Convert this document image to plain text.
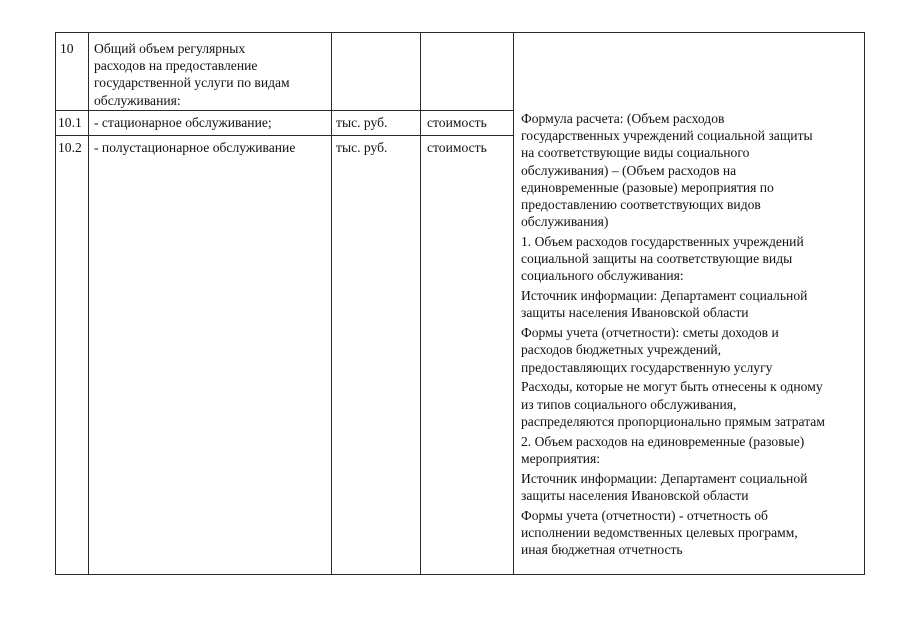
10 Общий объем регулярных
расходов на предоставление
государственной услуги по видам
обслуживания:
10.1 - стационарное обслуживание;	тыс. руб.	стоимость
10.2 - полустационарное обслуживание	тыс. руб.	стоимость
Формула расчета: (Объем расходов
государственных учреждений социальной защиты
на соответствующие виды социального
обслуживания) – (Объем расходов на
единовременные (разовые) мероприятия по
предоставлению соответствующих видов
обслуживания)
1. Объем расходов государственных учреждений
социальной защиты на соответствующие виды
социального обслуживания:
Источник информации: Департамент социальной
защиты населения Ивановской области
Формы учета (отчетности): сметы доходов и
расходов бюджетных учреждений,
предоставляющих государственную услугу
Расходы, которые не могут быть отнесены к одному
из типов социального обслуживания,
распределяются пропорционально прямым затратам
2. Объем расходов на единовременные (разовые)
мероприятия:
Источник информации: Департамент социальной
защиты населения Ивановской области
Формы учета (отчетности) - отчетность об
исполнении ведомственных целевых программ,
иная бюджетная отчетность
